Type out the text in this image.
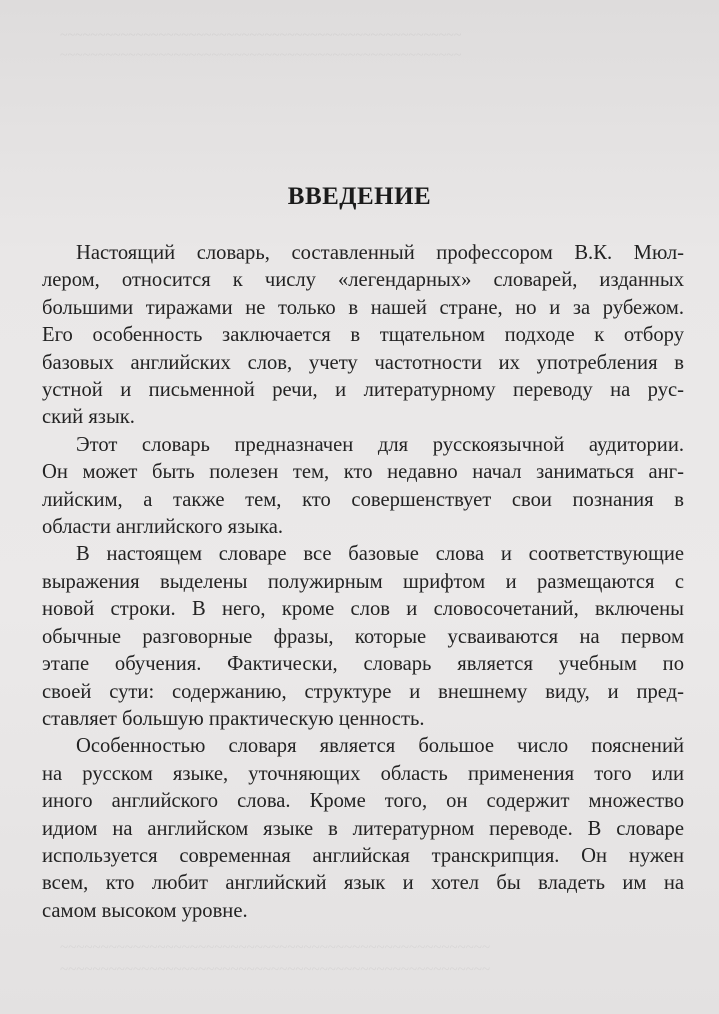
~~~~~~~~~~~~~~~~~~~~~~~~~~~~~~~~~~~~~~~~~~~~~~~~~~~~~
~~~~~~~~~~~~~~~~~~~~~~~~~~~~~~~~~~~~~~~~~~~~~~~~~~~~~
~~~~~~~~~~~~~~~~~~~~~~~~~~~~~~~~~~~~~~~~~~~~~~~~~~~~~
~~~~~~~~~~~~~~~~~~~~~~~~~~~~~~~~~~~~~~~~~~~~~~~~~~~~~
ВВЕДЕНИЕ

Настоящий словарь, составленный профессором В.К. Мюл-
лером, относится к числу «легендарных» словарей, изданных
большими тиражами не только в нашей стране, но и за рубежом.
Его особенность заключается в тщательном подходе к отбору
базовых английских слов, учету частотности их употребления в
устной и письменной речи, и литературному переводу на рус-
ский язык.

Этот словарь предназначен для русскоязычной аудитории.
Он может быть полезен тем, кто недавно начал заниматься анг-
лийским, а также тем, кто совершенствует свои познания в
области английского языка.

В настоящем словаре все базовые слова и соответствующие
выражения выделены полужирным шрифтом и размещаются с
новой строки. В него, кроме слов и словосочетаний, включены
обычные разговорные фразы, которые усваиваются на первом
этапе обучения. Фактически, словарь является учебным по
своей сути: содержанию, структуре и внешнему виду, и пред-
ставляет большую практическую ценность.

Особенностью словаря является большое число пояснений
на русском языке, уточняющих область применения того или
иного английского слова. Кроме того, он содержит множество
идиом на английском языке в литературном переводе. В словаре
используется современная английская транскрипция. Он нужен
всем, кто любит английский язык и хотел бы владеть им на
самом высоком уровне.
